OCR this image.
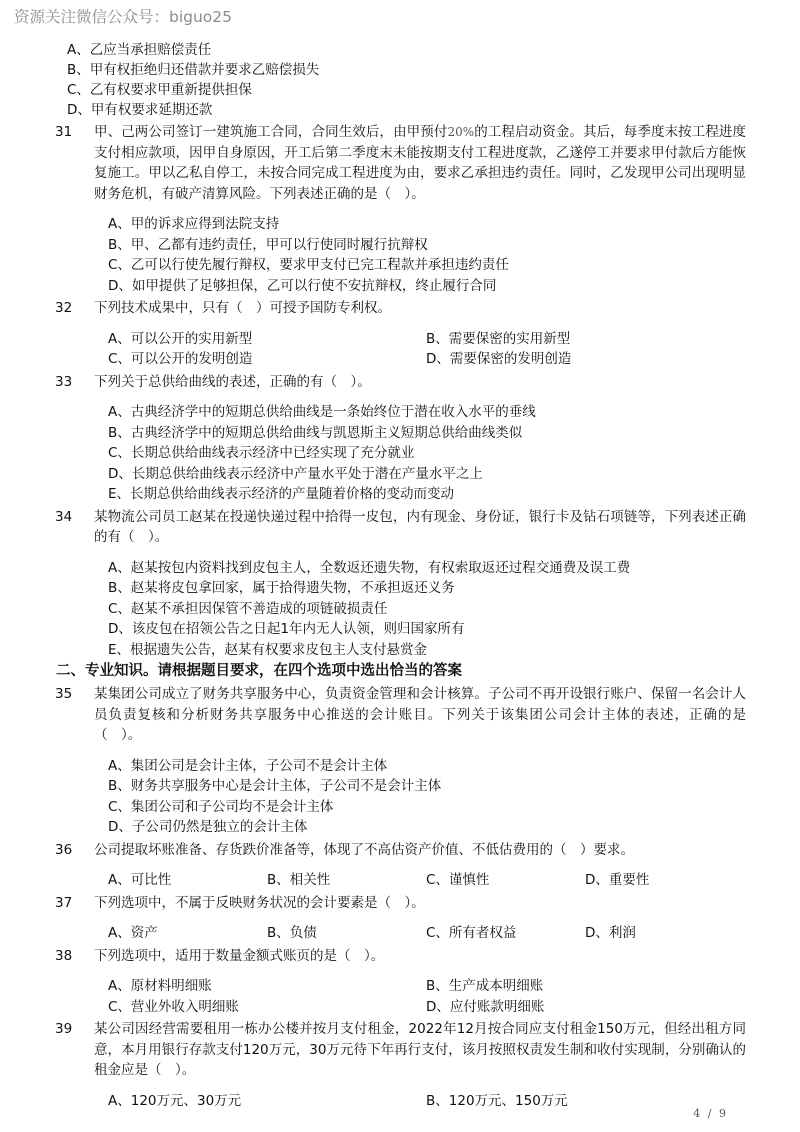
资源关注微信公众号：biguo25
A、乙应当承担赔偿责任
B、甲有权拒绝归还借款并要求乙赔偿损失
C、乙有权要求甲重新提供担保
D、甲有权要求延期还款
31 甲、己两公司签订一建筑施工合同，合同生效后，由甲预付20%的工程启动资金。其后，每季度末按工程进度支付相应款项，因甲自身原因，开工后第二季度末未能按期支付工程进度款，乙遂停工并要求甲付款后方能恢复施工。甲以乙私自停工，未按合同完成工程进度为由，要求乙承担违约责任。同时，乙发现甲公司出现明显财务危机，有破产清算风险。下列表述正确的是（　）。
A、甲的诉求应得到法院支持
B、甲、乙都有违约责任，甲可以行使同时履行抗辩权
C、乙可以行使先履行辩权，要求甲支付已完工程款并承担违约责任
D、如甲提供了足够担保，乙可以行使不安抗辩权，终止履行合同
32 下列技术成果中，只有（　）可授予国防专利权。
A、可以公开的实用新型	B、需要保密的实用新型
C、可以公开的发明创造	D、需要保密的发明创造
33 下列关于总供给曲线的表述，正确的有（　）。
A、古典经济学中的短期总供给曲线是一条始终位于潜在收入水平的垂线
B、古典经济学中的短期总供给曲线与凯恩斯主义短期总供给曲线类似
C、长期总供给曲线表示经济中已经实现了充分就业
D、长期总供给曲线表示经济中产量水平处于潜在产量水平之上
E、长期总供给曲线表示经济的产量随着价格的变动而变动
34 某物流公司员工赵某在投递快递过程中拾得一皮包，内有现金、身份证，银行卡及钻石项链等，下列表述正确的有（　）。
A、赵某按包内资料找到皮包主人，全数返还遗失物，有权索取返还过程交通费及误工费
B、赵某将皮包拿回家，属于拾得遗失物，不承担返还义务
C、赵某不承担因保管不善造成的项链破损责任
D、该皮包在招领公告之日起1年内无人认领，则归国家所有
E、根据遗失公告，赵某有权要求皮包主人支付悬赏金
二、专业知识。请根据题目要求，在四个选项中选出恰当的答案
35 某集团公司成立了财务共享服务中心，负责资金管理和会计核算。子公司不再开设银行账户、保留一名会计人员负责复核和分析财务共享服务中心推送的会计账目。下列关于该集团公司会计主体的表述，正确的是（　）。
A、集团公司是会计主体，子公司不是会计主体
B、财务共享服务中心是会计主体，子公司不是会计主体
C、集团公司和子公司均不是会计主体
D、子公司仍然是独立的会计主体
36 公司提取坏账准备、存货跌价准备等，体现了不高估资产价值、不低估费用的（　）要求。
A、可比性	B、相关性	C、谨慎性	D、重要性
37 下列选项中，不属于反映财务状况的会计要素是（　）。
A、资产	B、负债	C、所有者权益	D、利润
38 下列选项中，适用于数量金额式账页的是（　）。
A、原材料明细账	B、生产成本明细账
C、营业外收入明细账	D、应付账款明细账
39 某公司因经营需要租用一栋办公楼并按月支付租金，2022年12月按合同应支付租金150万元，但经出租方同意，本月用银行存款支付120万元，30万元待下年再行支付，该月按照权责发生制和收付实现制，分别确认的租金应是（　）。
A、120万元、30万元	B、120万元、150万元
4 / 9
